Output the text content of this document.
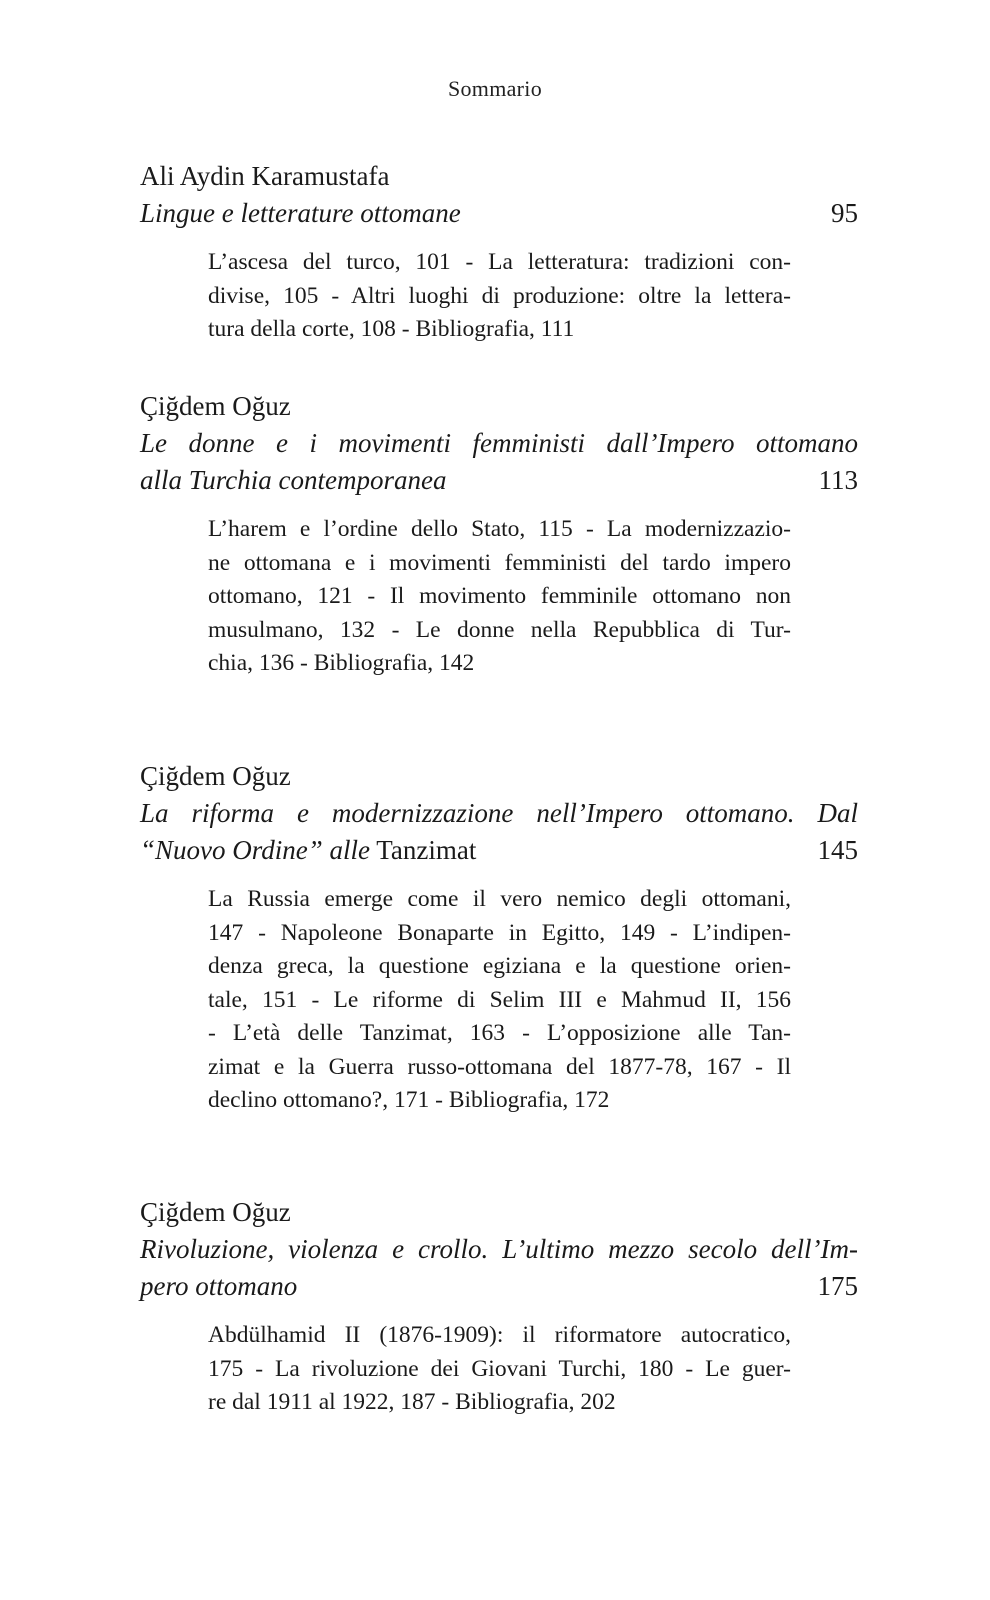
Sommario
Ali Aydin Karamustafa
Lingue e letterature ottomane	95
L’ascesa del turco, 101 - La letteratura: tradizioni con-
divise, 105 - Altri luoghi di produzione: oltre la lettera-
tura della corte, 108 - Bibliografia, 111
Çiğdem Oğuz
Le donne e i movimenti femministi dall’Impero ottomano
alla Turchia contemporanea	113
L’harem e l’ordine dello Stato, 115 - La modernizzazio-
ne ottomana e i movimenti femministi del tardo impero
ottomano, 121 - Il movimento femminile ottomano non
musulmano, 132 - Le donne nella Repubblica di Tur-
chia, 136 - Bibliografia, 142
Çiğdem Oğuz
La riforma e modernizzazione nell’Impero ottomano. Dal
“Nuovo Ordine” alle Tanzimat	145
La Russia emerge come il vero nemico degli ottomani,
147 - Napoleone Bonaparte in Egitto, 149 - L’indipen-
denza greca, la questione egiziana e la questione orien-
tale, 151 - Le riforme di Selim III e Mahmud II, 156
- L’età delle Tanzimat, 163 - L’opposizione alle Tan-
zimat e la Guerra russo-ottomana del 1877-78, 167 - Il
declino ottomano?, 171 - Bibliografia, 172
Çiğdem Oğuz
Rivoluzione, violenza e crollo. L’ultimo mezzo secolo dell’Im-
pero ottomano	175
Abdülhamid II (1876-1909): il riformatore autocratico,
175 - La rivoluzione dei Giovani Turchi, 180 - Le guer-
re dal 1911 al 1922, 187 - Bibliografia, 202
